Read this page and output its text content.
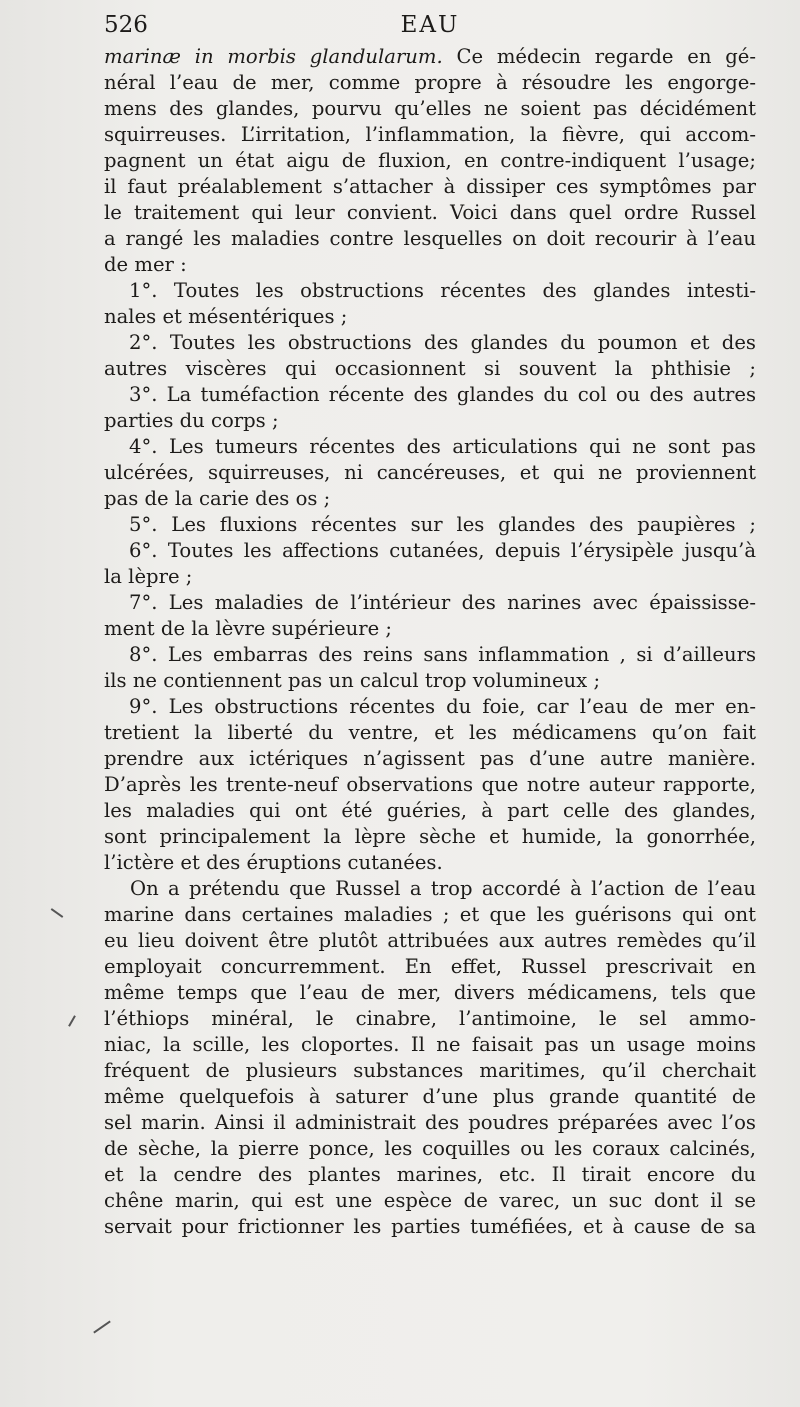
526	EAU
marinæ in morbis glandularum. Ce médecin regarde en gé-
néral l’eau de mer, comme propre à résoudre les engorge-
mens des glandes, pourvu qu’elles ne soient pas décidément
squirreuses. L’irritation, l’inflammation, la fièvre, qui accom-
pagnent un état aigu de fluxion, en contre-indiquent l’usage;
il faut préalablement s’attacher à dissiper ces symptômes par
le traitement qui leur convient. Voici dans quel ordre Russel
a rangé les maladies contre lesquelles on doit recourir à l’eau
de mer :
1°. Toutes les obstructions récentes des glandes intesti-
nales et mésentériques ;
2°. Toutes les obstructions des glandes du poumon et des
autres viscères qui occasionnent si souvent la phthisie ;
3°. La tuméfaction récente des glandes du col ou des autres
parties du corps ;
4°. Les tumeurs récentes des articulations qui ne sont pas
ulcérées, squirreuses, ni cancéreuses, et qui ne proviennent
pas de la carie des os ;
5°. Les fluxions récentes sur les glandes des paupières ;
6°. Toutes les affections cutanées, depuis l’érysipèle jusqu’à
la lèpre ;
7°. Les maladies de l’intérieur des narines avec épaississe-
ment de la lèvre supérieure ;
8°. Les embarras des reins sans inflammation , si d’ailleurs
ils ne contiennent pas un calcul trop volumineux ;
9°. Les obstructions récentes du foie, car l’eau de mer en-
tretient la liberté du ventre, et les médicamens qu’on fait
prendre aux ictériques n’agissent pas d’une autre manière.
D’après les trente-neuf observations que notre auteur rapporte,
les maladies qui ont été guéries, à part celle des glandes,
sont principalement la lèpre sèche et humide, la gonorrhée,
l’ictère et des éruptions cutanées.
On a prétendu que Russel a trop accordé à l’action de l’eau
marine dans certaines maladies ; et que les guérisons qui ont
eu lieu doivent être plutôt attribuées aux autres remèdes qu’il
employait concurremment. En effet, Russel prescrivait en
même temps que l’eau de mer, divers médicamens, tels que
l’éthiops minéral, le cinabre, l’antimoine, le sel ammo-
niac, la scille, les cloportes. Il ne faisait pas un usage moins
fréquent de plusieurs substances maritimes, qu’il cherchait
même quelquefois à saturer d’une plus grande quantité de
sel marin. Ainsi il administrait des poudres préparées avec l’os
de sèche, la pierre ponce, les coquilles ou les coraux calcinés,
et la cendre des plantes marines, etc. Il tirait encore du
chêne marin, qui est une espèce de varec, un suc dont il se
servait pour frictionner les parties tuméfiées, et à cause de sa
